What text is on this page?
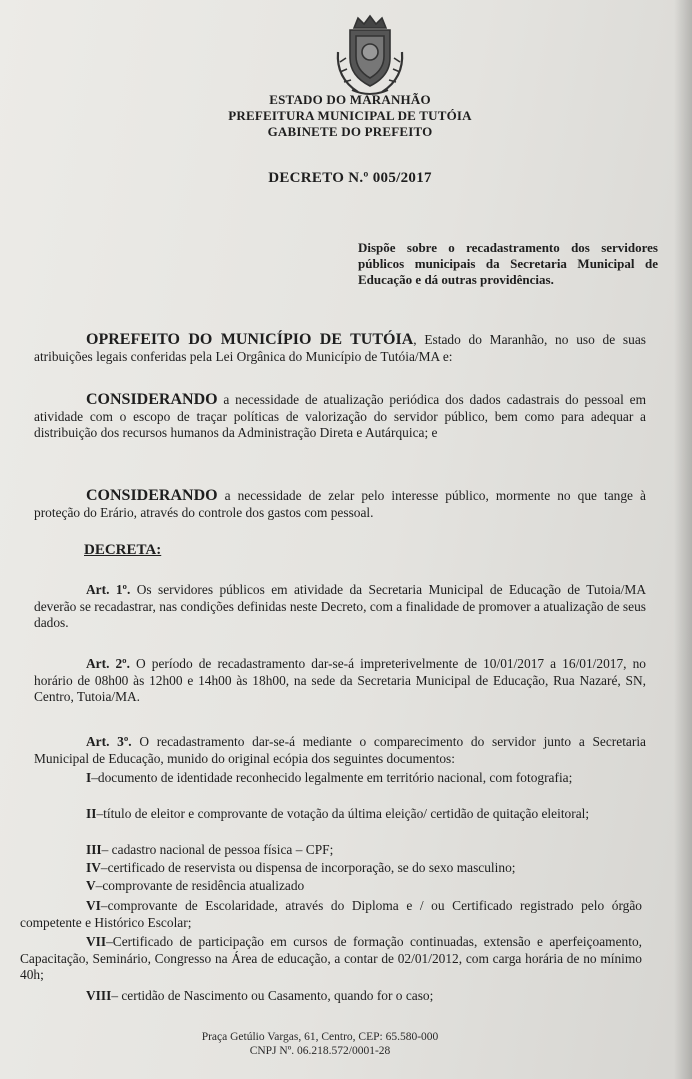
ESTADO DO MARANHÃO
PREFEITURA MUNICIPAL DE TUTÓIA
GABINETE DO PREFEITO
DECRETO N.º 005/2017
Dispõe sobre o recadastramento dos servidores públicos municipais da Secretaria Municipal de Educação e dá outras providências.
OPREFEITO DO MUNICÍPIO DE TUTÓIA, Estado do Maranhão, no uso de suas atribuições legais conferidas pela Lei Orgânica do Município de Tutóia/MA e:
CONSIDERANDO a necessidade de atualização periódica dos dados cadastrais do pessoal em atividade com o escopo de traçar políticas de valorização do servidor público, bem como para adequar a distribuição dos recursos humanos da Administração Direta e Autárquica; e
CONSIDERANDO a necessidade de zelar pelo interesse público, mormente no que tange à proteção do Erário, através do controle dos gastos com pessoal.
DECRETA:
Art. 1º. Os servidores públicos em atividade da Secretaria Municipal de Educação de Tutoia/MA deverão se recadastrar, nas condições definidas neste Decreto, com a finalidade de promover a atualização de seus dados.
Art. 2º. O período de recadastramento dar-se-á impreterivelmente de 10/01/2017 a 16/01/2017, no horário de 08h00 às 12h00 e 14h00 às 18h00, na sede da Secretaria Municipal de Educação, Rua Nazaré, SN, Centro, Tutoia/MA.
Art. 3º. O recadastramento dar-se-á mediante o comparecimento do servidor junto a Secretaria Municipal de Educação, munido do original ecópia dos seguintes documentos:
I–documento de identidade reconhecido legalmente em território nacional, com fotografia;
II–título de eleitor e comprovante de votação da última eleição/ certidão de quitação eleitoral;
III– cadastro nacional de pessoa física – CPF;
IV–certificado de reservista ou dispensa de incorporação, se do sexo masculino;
V–comprovante de residência atualizado
VI–comprovante de Escolaridade, através do Diploma e / ou Certificado registrado pelo órgão competente e Histórico Escolar;
VII–Certificado de participação em cursos de formação continuadas, extensão e aperfeiçoamento, Capacitação, Seminário, Congresso na Área de educação, a contar de 02/01/2012, com carga horária de no mínimo 40h;
VIII– certidão de Nascimento ou Casamento, quando for o caso;
Praça Getúlio Vargas, 61, Centro, CEP: 65.580-000
CNPJ Nº. 06.218.572/0001-28
